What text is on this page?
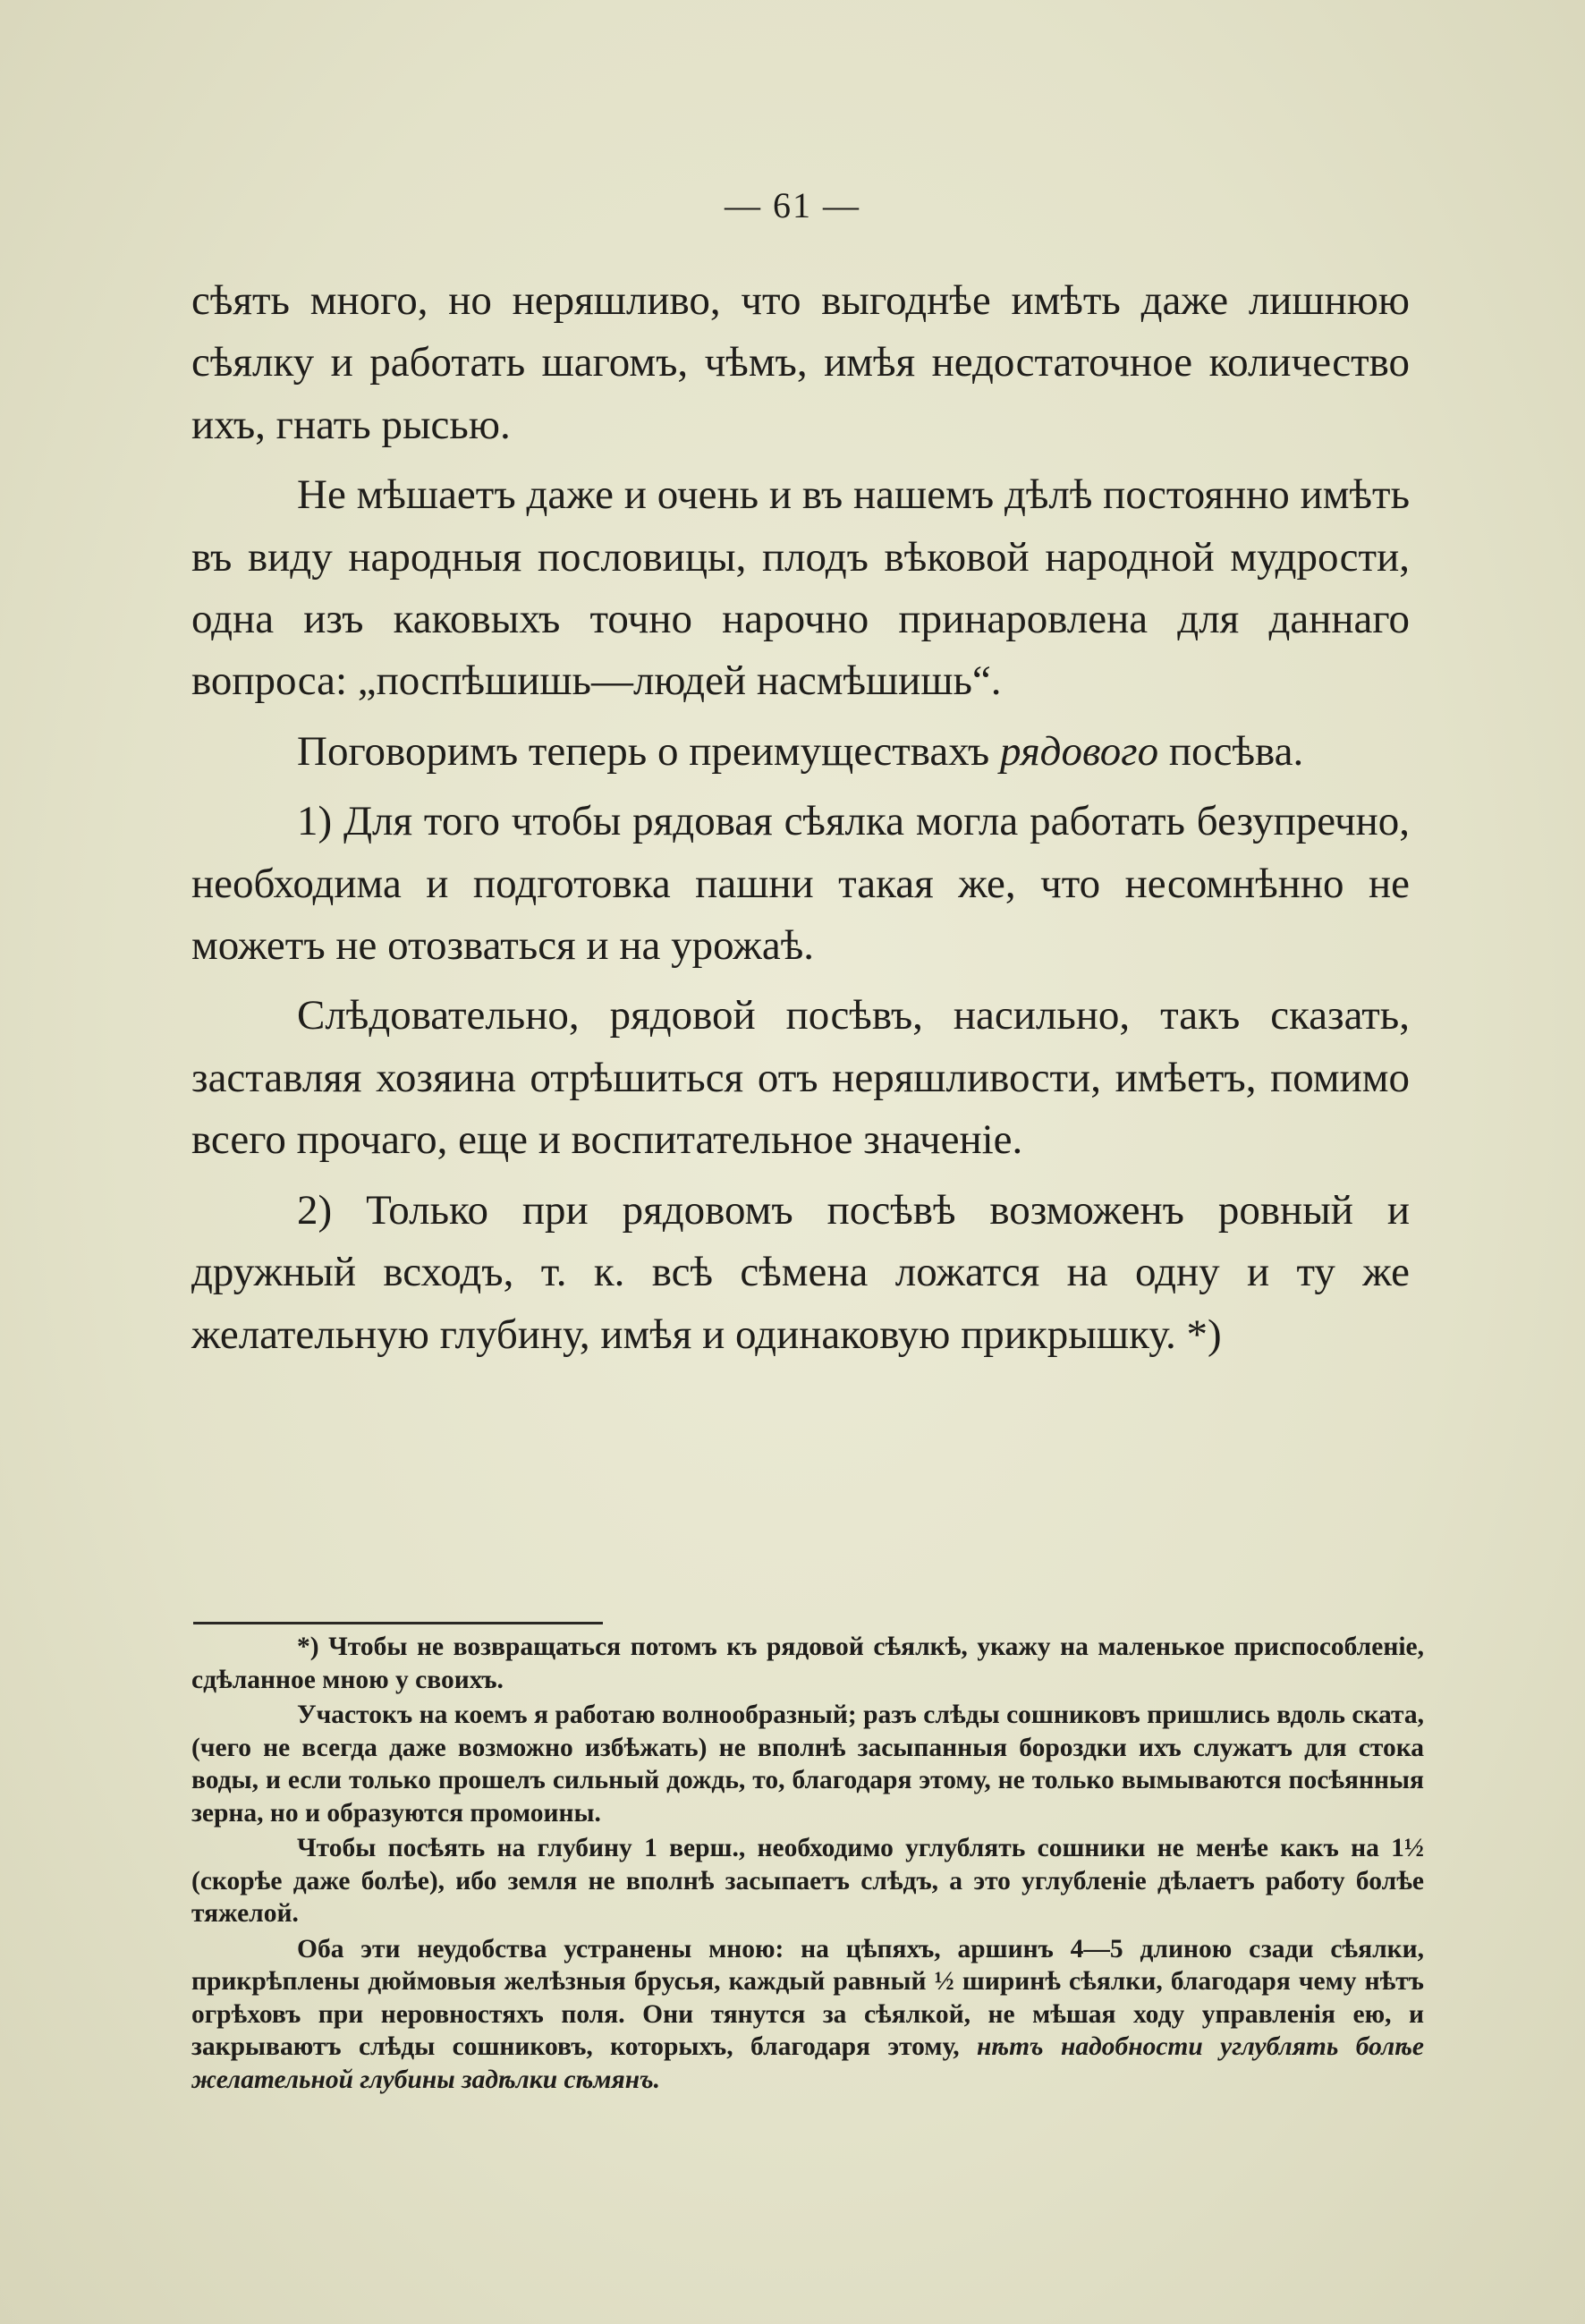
— 61 —

сѣять много, но неряшливо, что выгоднѣе имѣть даже лишнюю сѣялку и работать шагомъ, чѣмъ, имѣя недостаточное количество ихъ, гнать рысью.

Не мѣшаетъ даже и очень и въ нашемъ дѣлѣ постоянно имѣть въ виду народныя пословицы, плодъ вѣковой народной мудрости, одна изъ каковыхъ точно нарочно принаровлена для даннаго вопроса: „поспѣшишь—людей насмѣшишь“.

Поговоримъ теперь о преимуществахъ рядового посѣва.

1) Для того чтобы рядовая сѣялка могла работать безупречно, необходима и подготовка пашни такая же, что несомнѣнно не можетъ не отозваться и на урожаѣ.

Слѣдовательно, рядовой посѣвъ, насильно, такъ сказать, заставляя хозяина отрѣшиться отъ неряшливости, имѣетъ, помимо всего прочаго, еще и воспитательное значенiе.

2) Только при рядовомъ посѣвѣ возможенъ ровный и дружный всходъ, т. к. всѣ сѣмена ложатся на одну и ту же желательную глубину, имѣя и одинаковую прикрышку. *)

*) Чтобы не возвращаться потомъ къ рядовой сѣялкѣ, укажу на маленькое приспособленiе, сдѣланное мною у своихъ.

Участокъ на коемъ я работаю волнообразный; разъ слѣды сошниковъ пришлись вдоль ската, (чего не всегда даже возможно избѣжать) не вполнѣ засыпанныя бороздки ихъ служатъ для стока воды, и если только прошелъ сильный дождь, то, благодаря этому, не только вымываются посѣянныя зерна, но и образуются промоины.

Чтобы посѣять на глубину 1 верш., необходимо углублять сошники не менѣе какъ на 1½ (скорѣе даже болѣе), ибо земля не вполнѣ засыпаетъ слѣдъ, а это углубленiе дѣлаетъ работу болѣе тяжелой.

Оба эти неудобства устранены мною: на цѣпяхъ, аршинъ 4—5 длиною сзади сѣялки, прикрѣплены дюймовыя желѣзныя брусья, каждый равный ½ ширинѣ сѣялки, благодаря чему нѣтъ огрѣховъ при неровностяхъ поля. Они тянутся за сѣялкой, не мѣшая ходу управленiя ею, и закрываютъ слѣды сошниковъ, которыхъ, благодаря этому, нѣтъ надобности углублять болѣе желательной глубины задѣлки сѣмянъ.
